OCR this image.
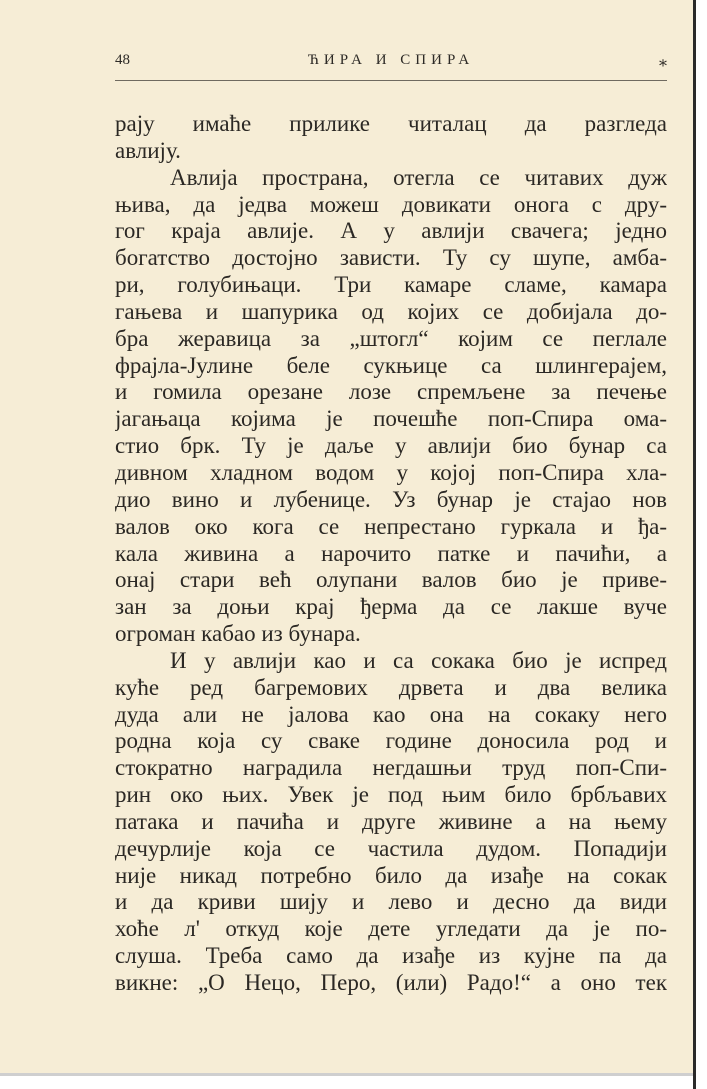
48	ЋИРА И СПИРА	⁎
рају имаће прилике читалац да разгледа
авлију.
Авлија пространа, отегла се читавих дуж
њива, да једва можеш довикати онога с дру-
гог краја авлије. А у авлији свачега; једно
богатство достојно зависти. Ту су шупе, амба-
ри, голубињаци. Три камаре сламе, камара
гањева и шапурика од којих се добијала до-
бра жеравица за „штогл“ којим се пеглале
фрајла-Јулине беле сукњице са шлингерајем,
и гомила орезане лозе спремљене за печење
јагањаца којима је почешће поп-Спира ома-
стио брк. Ту је даље у авлији био бунар са
дивном хладном водом у којој поп-Спира хла-
дио вино и лубенице. Уз бунар је стајао нов
валов око кога се непрестано гуркала и ђа-
кала живина а нарочито патке и пачићи, а
онај стари већ олупани валов био је приве-
зан за доњи крај ђерма да се лакше вуче
огроман кабао из бунара.
И у авлији као и са сокака био је испред
куће ред багремових дрвета и два велика
дуда али не јалова као она на сокаку него
родна која су сваке године доносила род и
стократно наградила негдашњи труд поп-Спи-
рин око њих. Увек је под њим било брбљавих
патака и пачића и друге живине а на њему
дечурлије која се частила дудом. Попадији
није никад потребно било да изађе на сокак
и да криви шију и лево и десно да види
хоће л' откуд које дете угледати да је по-
слуша. Треба само да изађе из кујне па да
викне: „О Нецо, Перо, (или) Радо!“ а оно тек
